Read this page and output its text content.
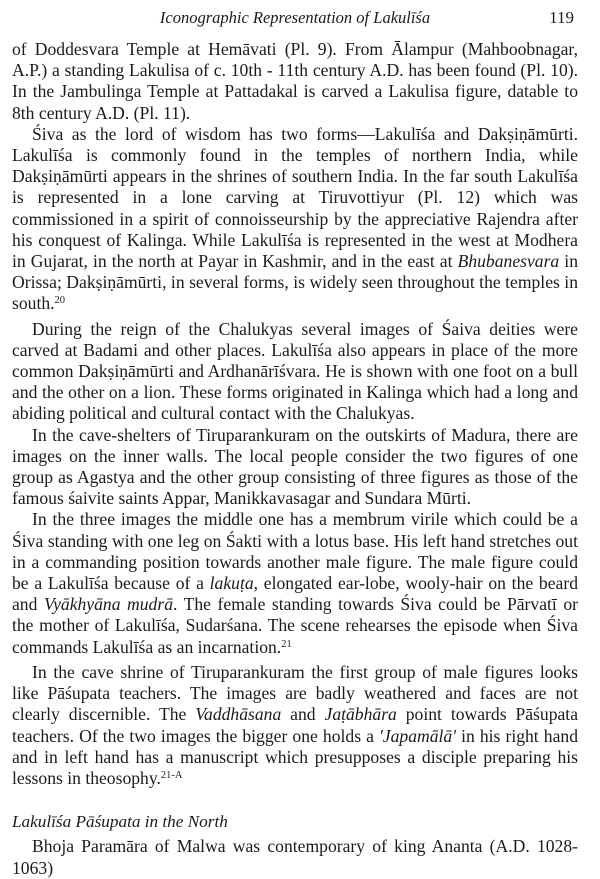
Iconographic Representation of Lakulīśa	119

of Doddesvara Temple at Hemāvati (Pl. 9). From Ālampur (Mahboobnagar, A.P.) a standing Lakulisa of c. 10th - 11th century A.D. has been found (Pl. 10). In the Jambulinga Temple at Pattadakal is carved a Lakulisa figure, datable to 8th century A.D. (Pl. 11).

Śiva as the lord of wisdom has two forms—Lakulīśa and Dakṣiṇāmūrti. Lakulīśa is commonly found in the temples of northern India, while Dakṣiṇāmūrti appears in the shrines of southern India. In the far south Lakulīśa is represented in a lone carving at Tiruvottiyur (Pl. 12) which was commissioned in a spirit of connoisseurship by the appreciative Rajendra after his conquest of Kalinga. While Lakulīśa is represented in the west at Modhera in Gujarat, in the north at Payar in Kashmir, and in the east at Bhubanesvara in Orissa; Dakṣiṇāmūrti, in several forms, is widely seen throughout the temples in south.$^{20}$

During the reign of the Chalukyas several images of Śaiva deities were carved at Badami and other places. Lakulīśa also appears in place of the more common Dakṣiṇāmūrti and Ardhanārīśvara. He is shown with one foot on a bull and the other on a lion. These forms originated in Kalinga which had a long and abiding political and cultural contact with the Chalukyas.

In the cave-shelters of Tiruparankuram on the outskirts of Madura, there are images on the inner walls. The local people consider the two figures of one group as Agastya and the other group consisting of three figures as those of the famous śaivite saints Appar, Manikkavasagar and Sundara Mūrti.

In the three images the middle one has a membrum virile which could be a Śiva standing with one leg on Śakti with a lotus base. His left hand stretches out in a commanding position towards another male figure. The male figure could be a Lakulīśa because of a lakuṭa, elongated ear-lobe, wooly-hair on the beard and Vyākhyāna mudrā. The female standing towards Śiva could be Pārvatī or the mother of Lakulīśa, Sudarśana. The scene rehearses the episode when Śiva commands Lakulīśa as an incarnation.$^{21}$

In the cave shrine of Tiruparankuram the first group of male figures looks like Pāśupata teachers. The images are badly weathered and faces are not clearly discernible. The Vaddhāsana and Jaṭābhāra point towards Pāśupata teachers. Of the two images the bigger one holds a 'Japamālā' in his right hand and in left hand has a manuscript which presupposes a disciple preparing his lessons in theosophy.$^{21-A}$

Lakulīśa Pāśupata in the North

Bhoja Paramāra of Malwa was contemporary of king Ananta (A.D. 1028-1063)
